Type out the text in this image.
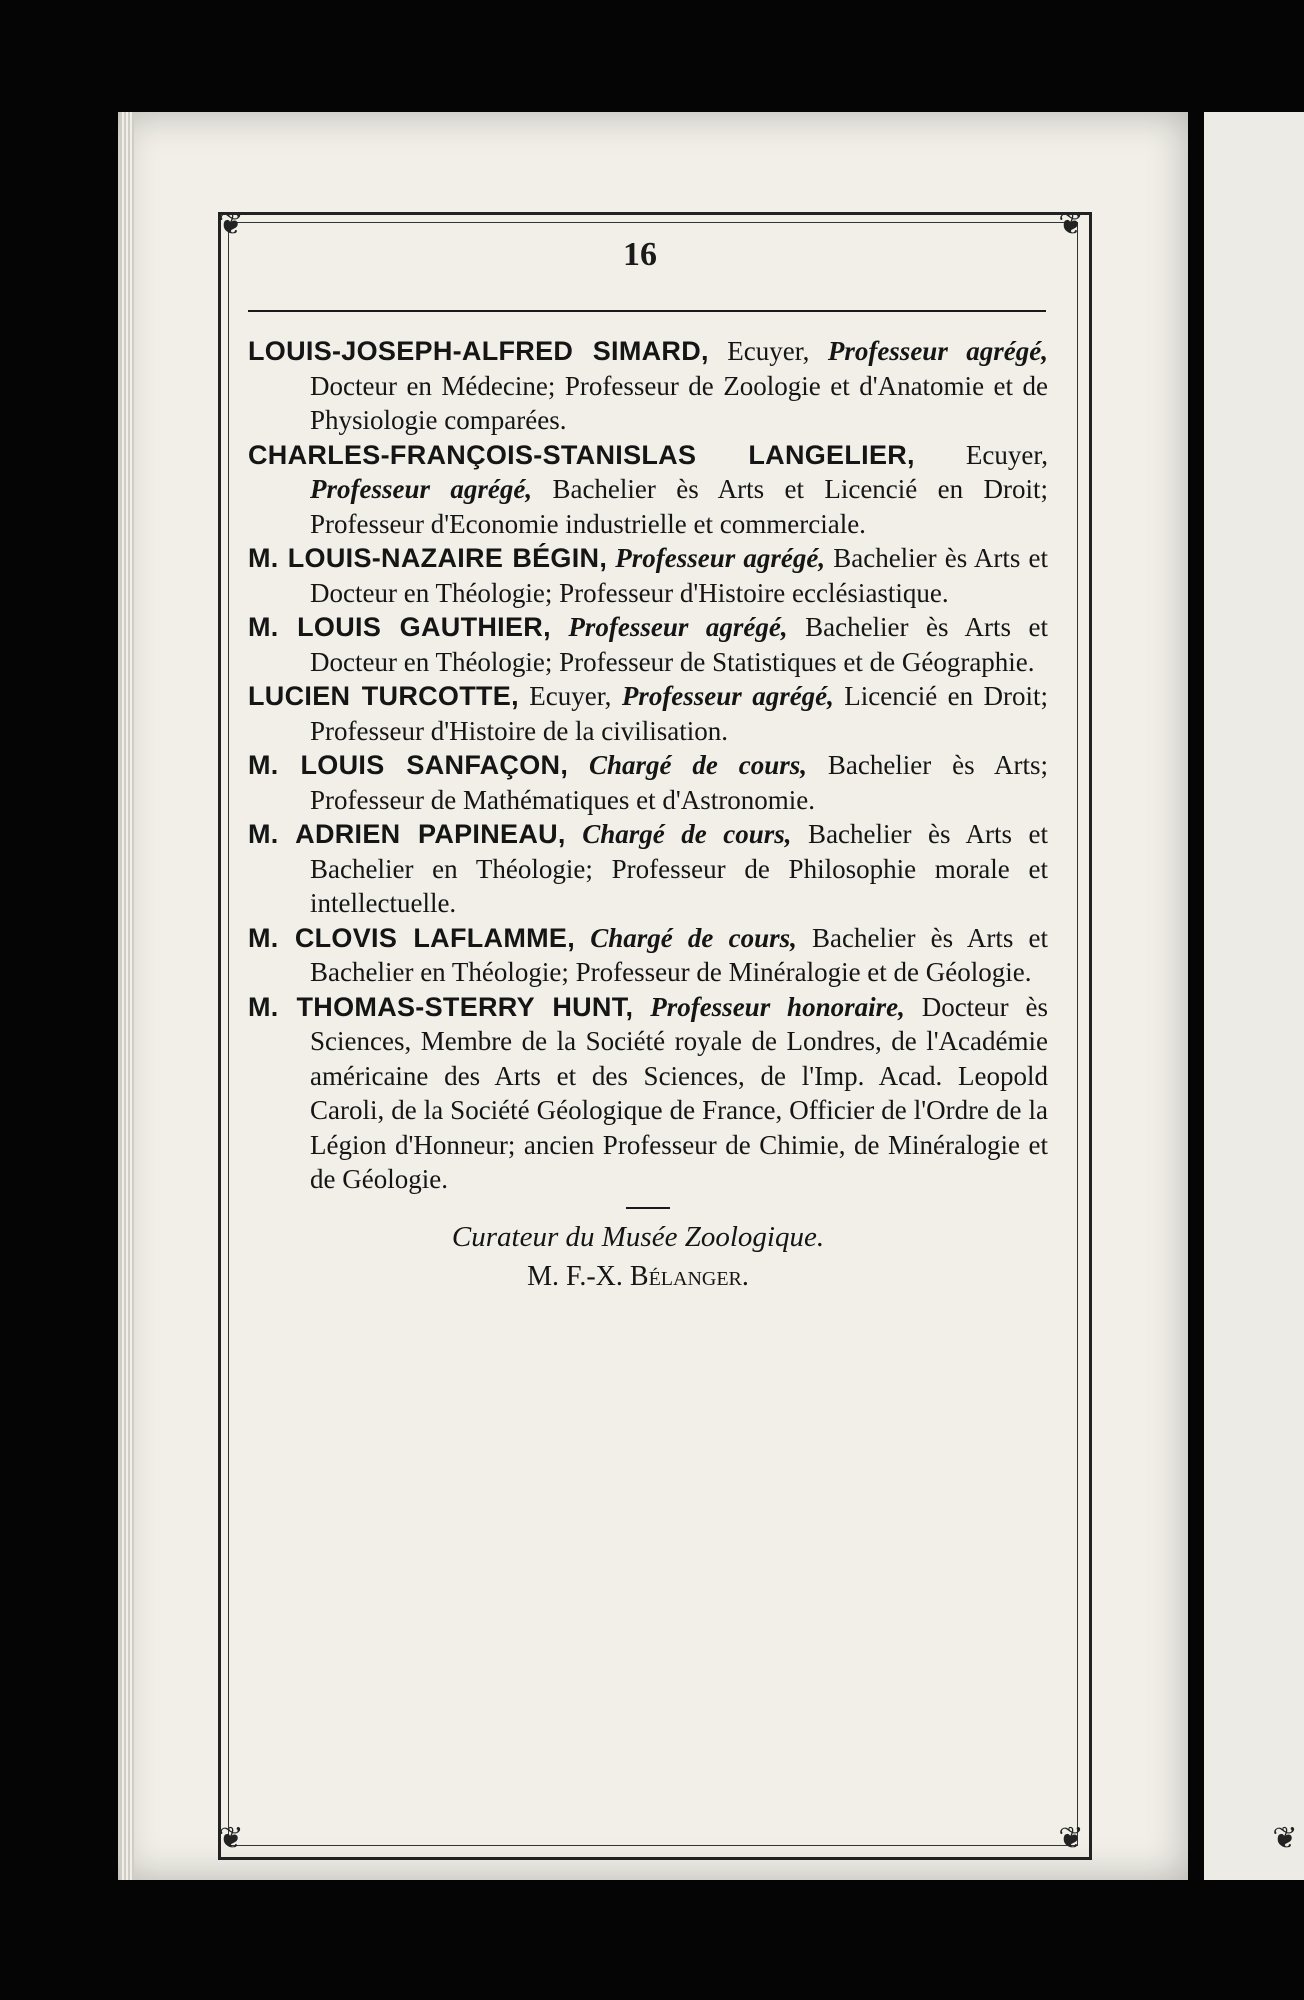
❦	❦
❦	❦	❦
16

LOUIS-JOSEPH-ALFRED SIMARD, Ecuyer, Professeur agrégé, Docteur en Médecine; Professeur de Zoologie et d'Anatomie et de Physiologie comparées.

CHARLES-FRANÇOIS-STANISLAS LANGELIER, Ecuyer, Professeur agrégé, Bachelier ès Arts et Licencié en Droit; Professeur d'Economie industrielle et commerciale.

M. LOUIS-NAZAIRE BÉGIN, Professeur agrégé, Bachelier ès Arts et Docteur en Théologie; Professeur d'Histoire ecclésiastique.

M. LOUIS GAUTHIER, Professeur agrégé, Bachelier ès Arts et Docteur en Théologie; Professeur de Statistiques et de Géographie.

LUCIEN TURCOTTE, Ecuyer, Professeur agrégé, Licencié en Droit; Professeur d'Histoire de la civilisation.

M. LOUIS SANFAÇON, Chargé de cours, Bachelier ès Arts; Professeur de Mathématiques et d'Astronomie.

M. ADRIEN PAPINEAU, Chargé de cours, Bachelier ès Arts et Bachelier en Théologie; Professeur de Philosophie morale et intellectuelle.

M. CLOVIS LAFLAMME, Chargé de cours, Bachelier ès Arts et Bachelier en Théologie; Professeur de Minéralogie et de Géologie.

M. THOMAS-STERRY HUNT, Professeur honoraire, Docteur ès Sciences, Membre de la Société royale de Londres, de l'Académie américaine des Arts et des Sciences, de l'Imp. Acad. Leopold Caroli, de la Société Géologique de France, Officier de l'Ordre de la Légion d'Honneur; ancien Professeur de Chimie, de Minéralogie et de Géologie.

Curateur du Musée Zoologique.
M. F.-X. Bélanger.
